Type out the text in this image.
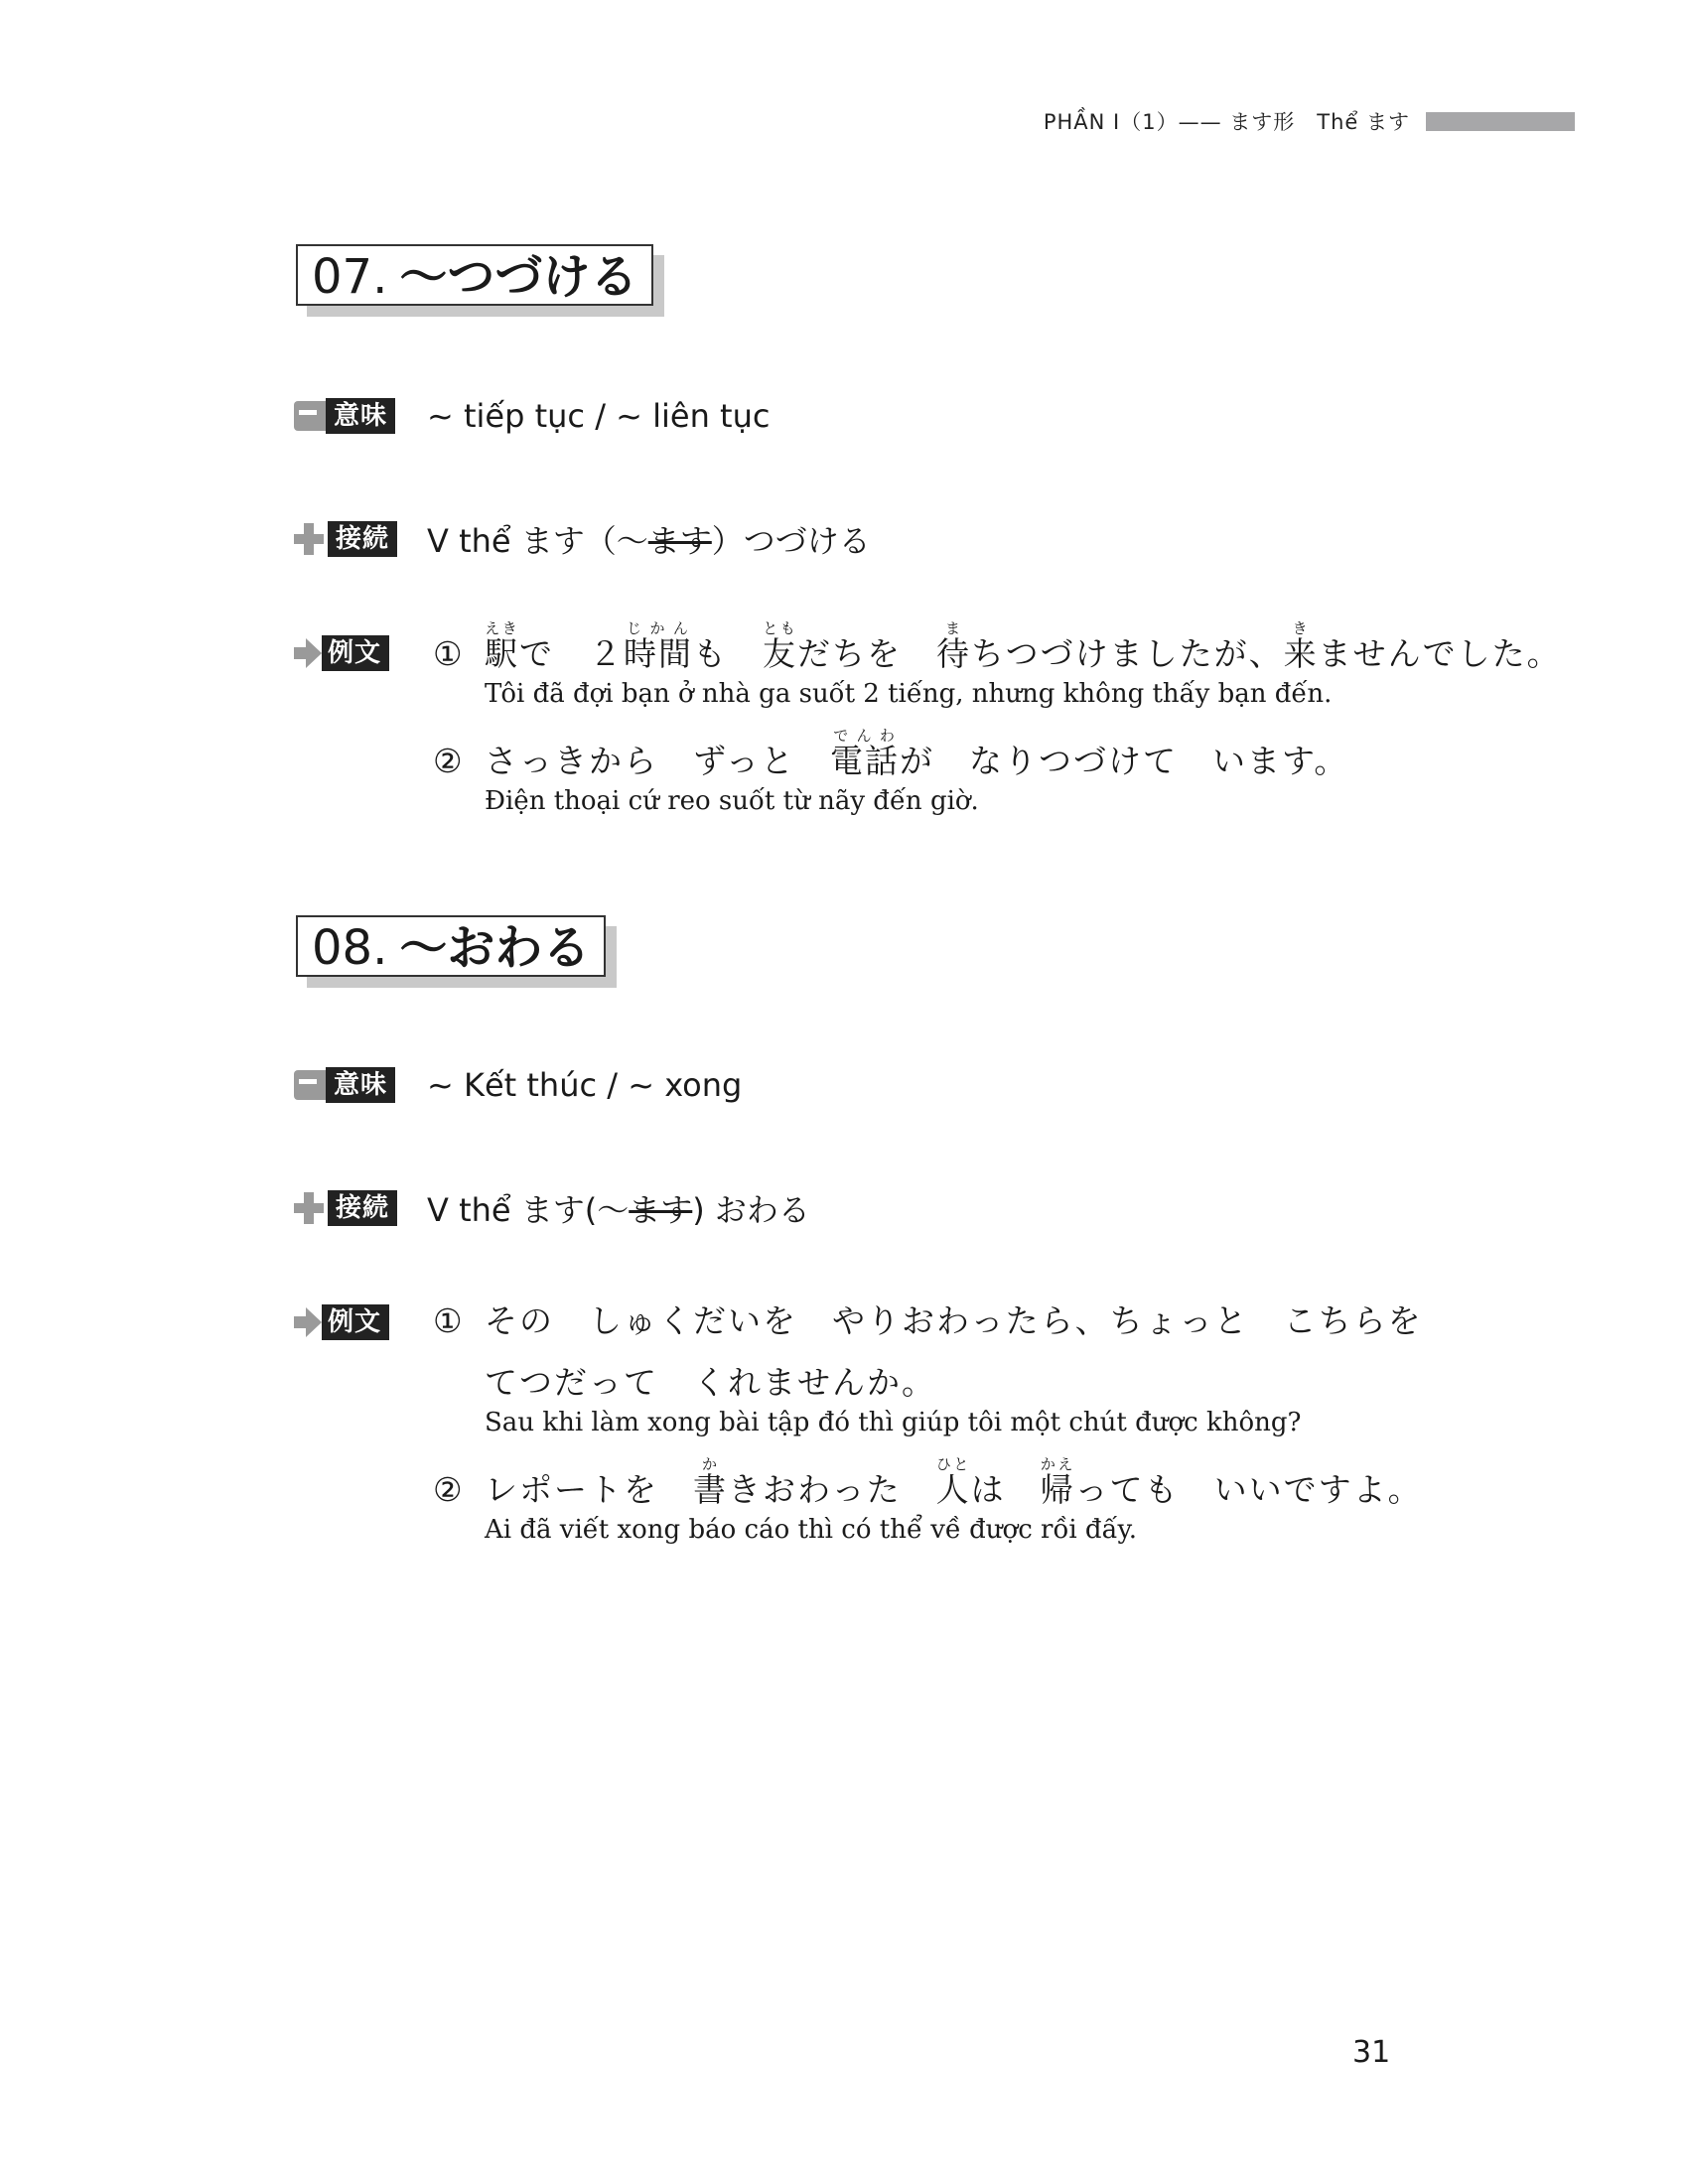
PHẦN Ⅰ（1）—— ます形　Thể ます
07. ～つづける
意味 ~ tiếp tục / ~ liên tục
接続 V thể ます（～ます）つづける
例文 ① 駅えきで　２時間じかんも　友ともだちを　待まちつづけましたが、来きませんでした。
Tôi đã đợi bạn ở nhà ga suốt 2 tiếng, nhưng không thấy bạn đến.
② さっきから　ずっと　電話でんわが　なりつづけて　います。
Điện thoại cứ reo suốt từ nãy đến giờ.
08. ～おわる
意味 ~ Kết thúc / ~ xong
接続 V thể ます(～ます) おわる
例文 ① その　しゅくだいを　やりおわったら、ちょっと　こちらを
てつだって　くれませんか。
Sau khi làm xong bài tập đó thì giúp tôi một chút được không?
② レポートを　書かきおわった　人ひとは　帰かえっても　いいですよ。
Ai đã viết xong báo cáo thì có thể về được rồi đấy.
31
